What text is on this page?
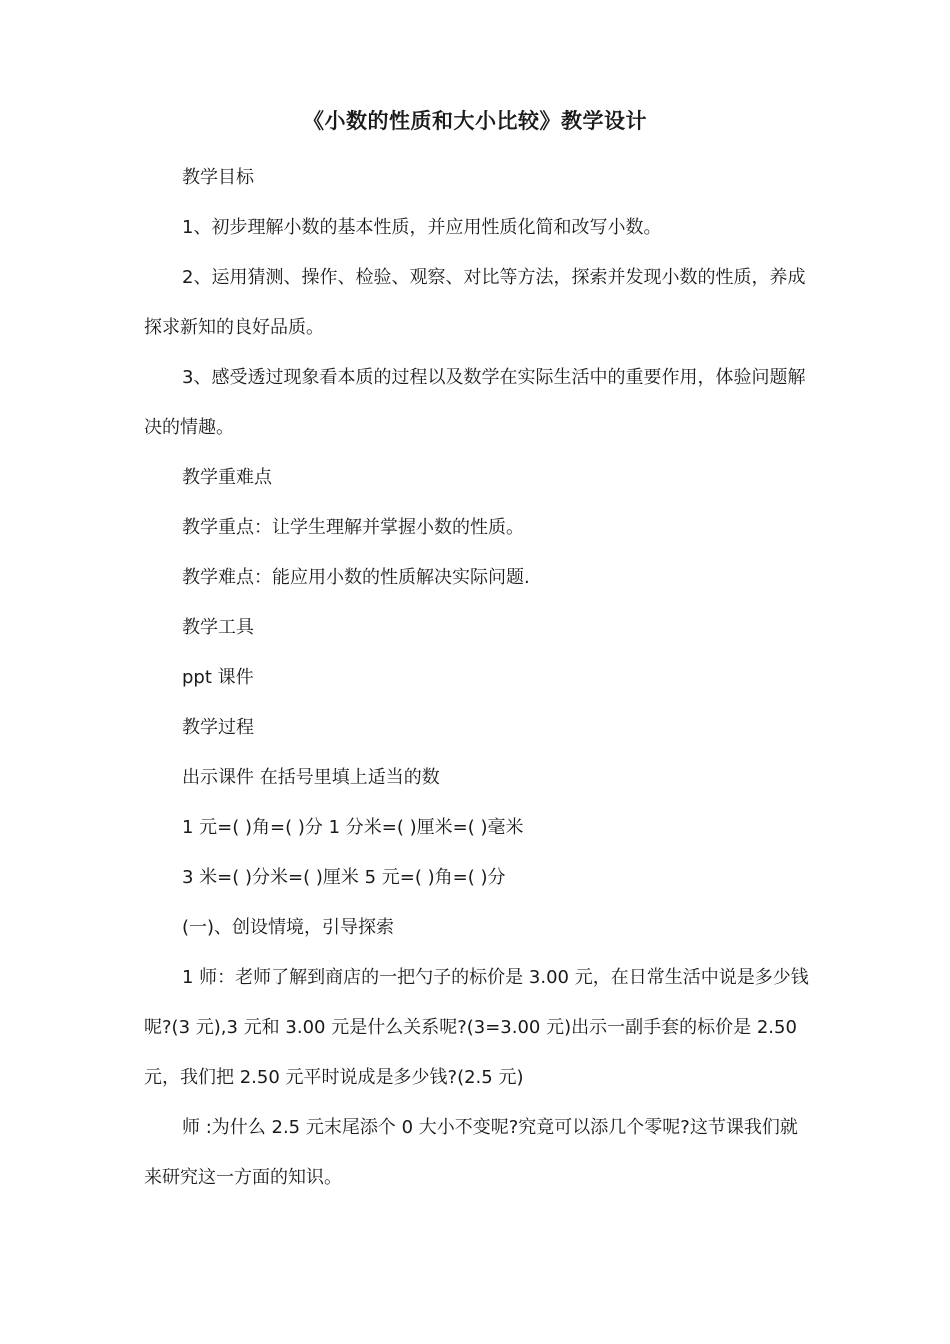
《小数的性质和大小比较》教学设计

教学目标

1、初步理解小数的基本性质，并应用性质化简和改写小数。

2、运用猜测、操作、检验、观察、对比等方法，探索并发现小数的性质，养成探求新知的良好品质。

3、感受透过现象看本质的过程以及数学在实际生活中的重要作用，体验问题解决的情趣。

教学重难点

教学重点：让学生理解并掌握小数的性质。

教学难点：能应用小数的性质解决实际问题.

教学工具

ppt 课件

教学过程

出示课件 在括号里填上适当的数

1 元=( )角=( )分 1 分米=( )厘米=( )毫米

3 米=( )分米=( )厘米 5 元=( )角=( )分

(一)、创设情境，引导探索

1 师：老师了解到商店的一把勺子的标价是 3.00 元，在日常生活中说是多少钱呢?(3 元),3 元和 3.00 元是什么关系呢?(3=3.00 元)出示一副手套的标价是 2.50 元，我们把 2.50 元平时说成是多少钱?(2.5 元)

师 :为什么 2.5 元末尾添个 0 大小不变呢?究竟可以添几个零呢?这节课我们就来研究这一方面的知识。
